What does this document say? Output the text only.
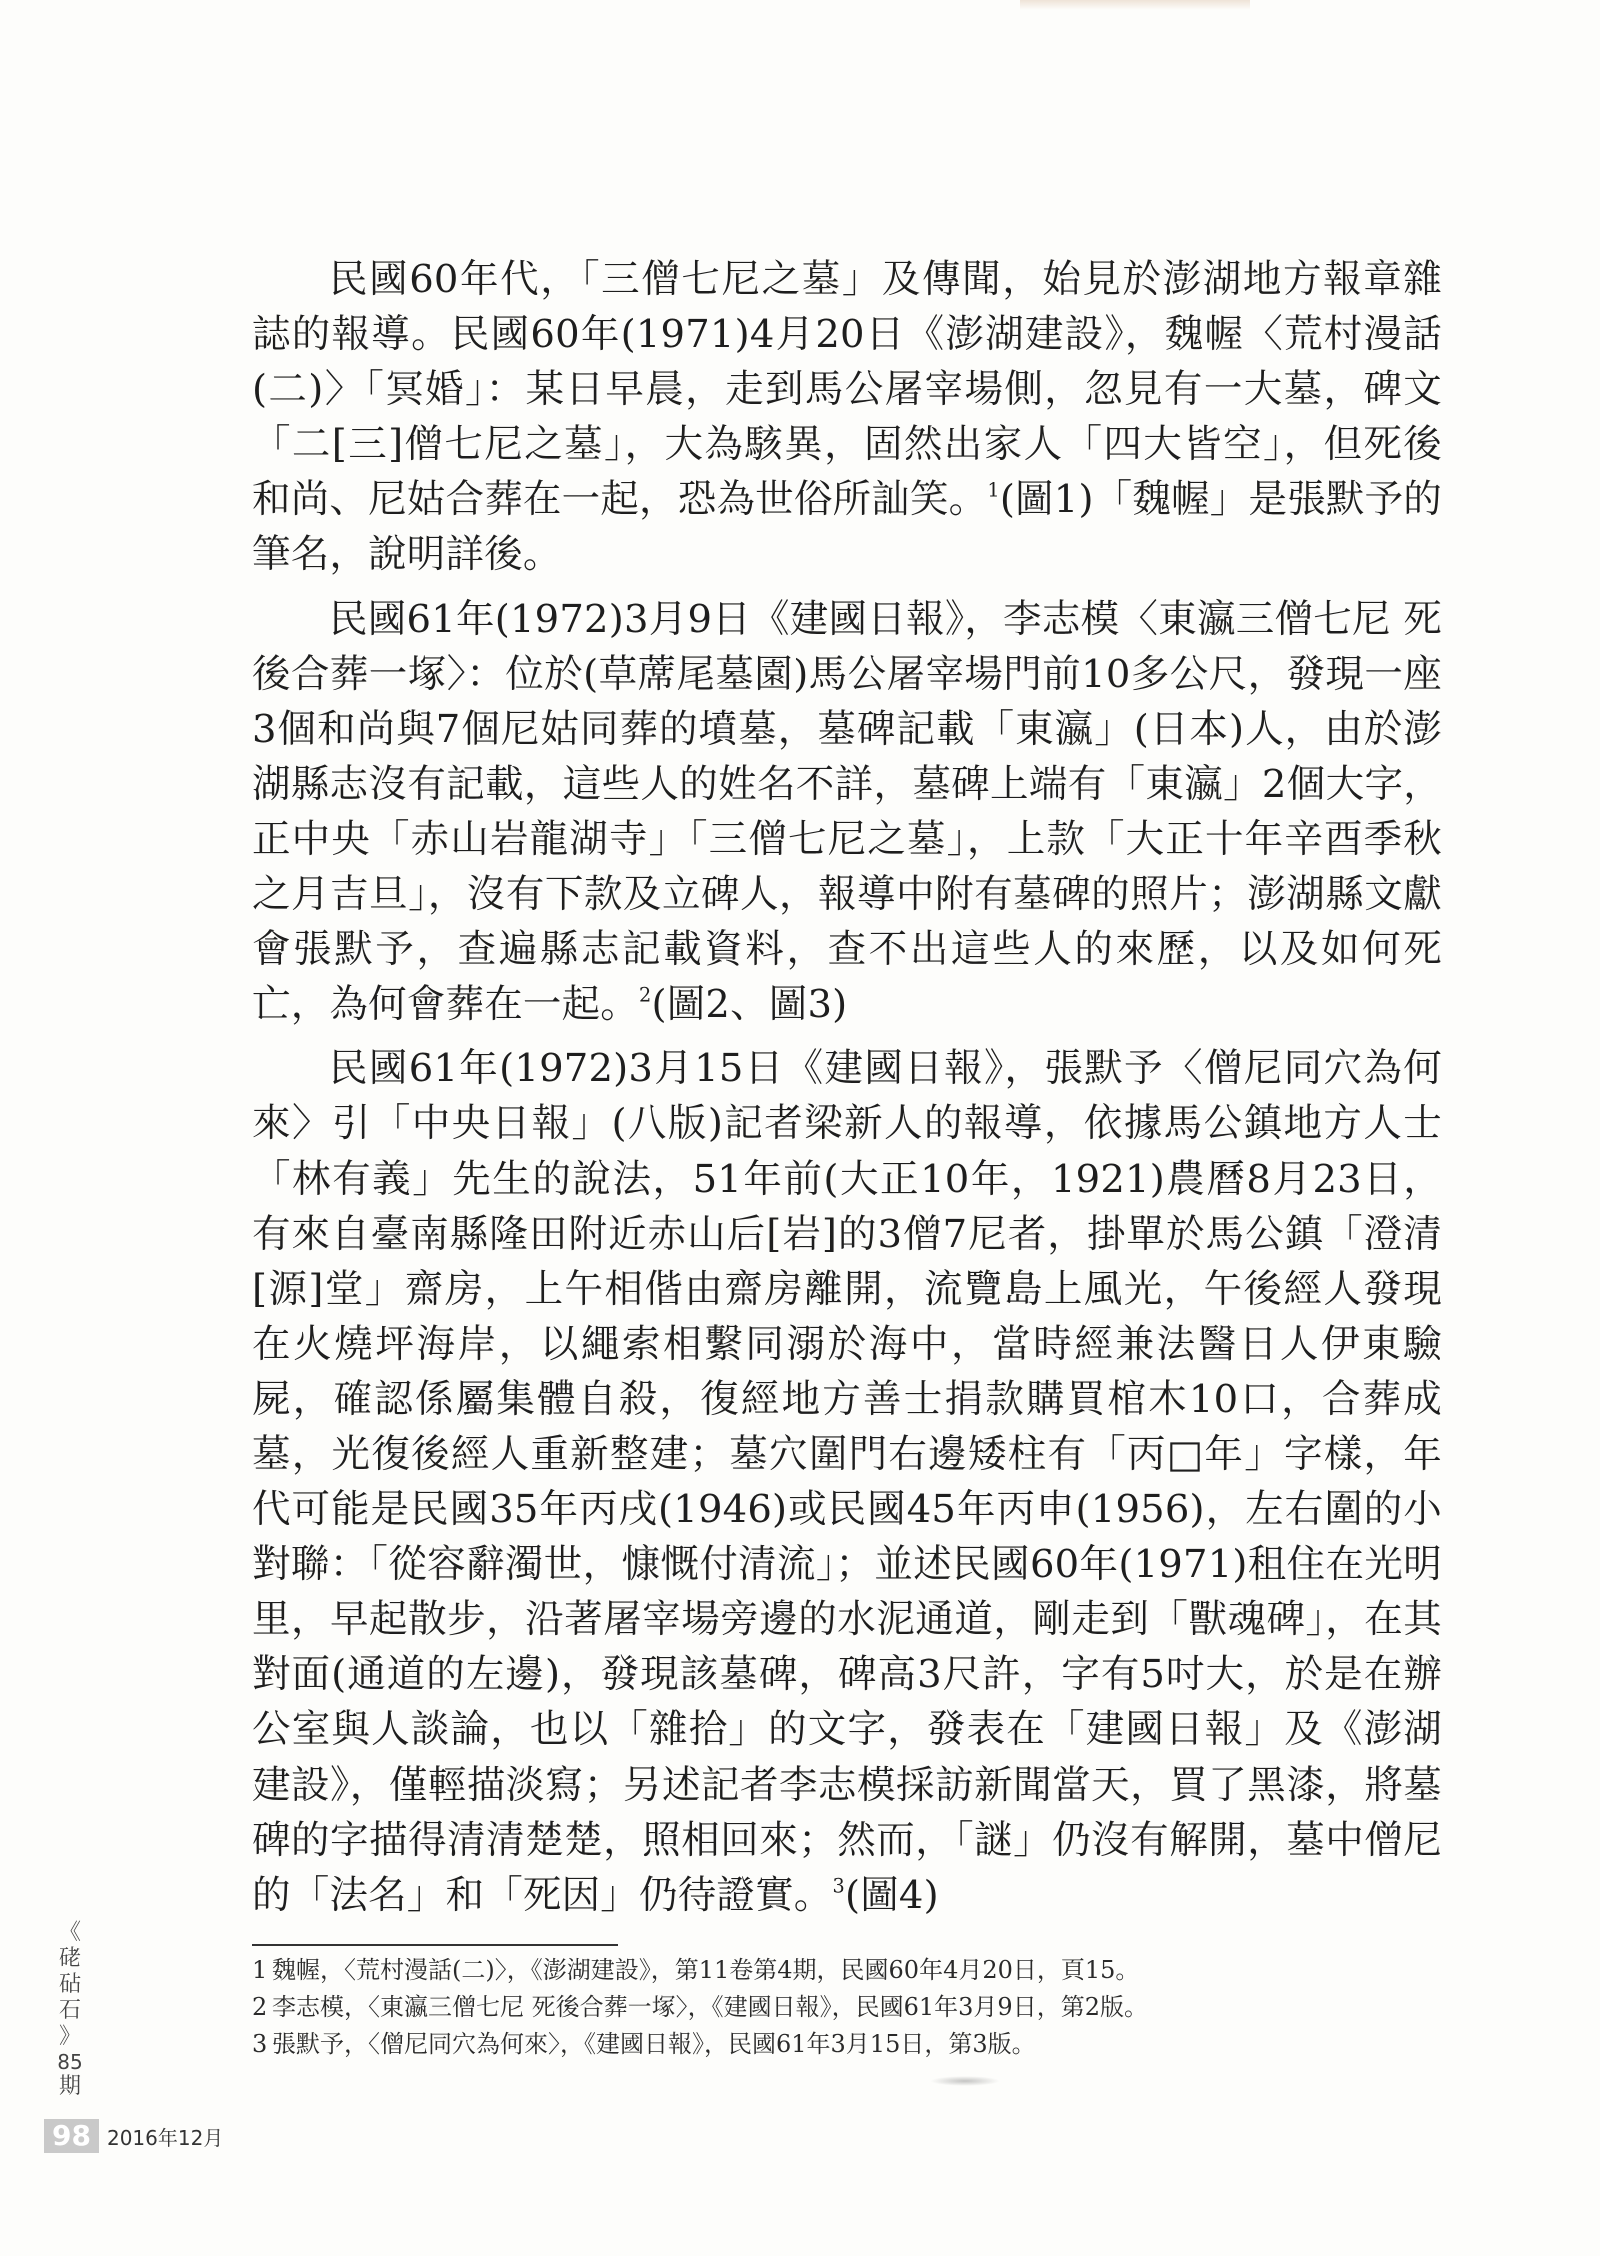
民國60年代，「三僧七尼之墓」及傳聞，始見於澎湖地方報章雜誌的報導。民國60年(1971)4月20日《澎湖建設》，魏幄〈荒村漫話(二)〉「冥婚」：某日早晨，走到馬公屠宰場側，忽見有一大墓，碑文「二[三]僧七尼之墓」，大為駭異，固然出家人「四大皆空」，但死後和尚、尼姑合葬在一起，恐為世俗所訕笑。$^1$(圖1)「魏幄」是張默予的筆名，說明詳後。

民國61年(1972)3月9日《建國日報》，李志模〈東瀛三僧七尼 死後合葬一塚〉：位於(草蓆尾墓園)馬公屠宰場門前10多公尺，發現一座3個和尚與7個尼姑同葬的墳墓，墓碑記載「東瀛」(日本)人，由於澎湖縣志沒有記載，這些人的姓名不詳，墓碑上端有「東瀛」2個大字，正中央「赤山岩龍湖寺」「三僧七尼之墓」，上款「大正十年辛酉季秋之月吉旦」，沒有下款及立碑人，報導中附有墓碑的照片；澎湖縣文獻會張默予，查遍縣志記載資料，查不出這些人的來歷，以及如何死亡，為何會葬在一起。$^2$(圖2、圖3)

民國61年(1972)3月15日《建國日報》，張默予〈僧尼同穴為何來〉引「中央日報」(八版)記者梁新人的報導，依據馬公鎮地方人士「林有義」先生的說法，51年前(大正10年，1921)農曆8月23日，有來自臺南縣隆田附近赤山后[岩]的3僧7尼者，掛單於馬公鎮「澄清[源]堂」齋房，上午相偕由齋房離開，流覽島上風光，午後經人發現在火燒坪海岸，以繩索相繫同溺於海中，當時經兼法醫日人伊東驗屍，確認係屬集體自殺，復經地方善士捐款購買棺木10口，合葬成墓，光復後經人重新整建；墓穴圍門右邊矮柱有「丙□年」字樣，年代可能是民國35年丙戌(1946)或民國45年丙申(1956)，左右圍的小對聯：「從容辭濁世，慷慨付清流」；並述民國60年(1971)租住在光明里，早起散步，沿著屠宰場旁邊的水泥通道，剛走到「獸魂碑」，在其對面(通道的左邊)，發現該墓碑，碑高3尺許，字有5吋大，於是在辦公室與人談論，也以「雜拾」的文字，發表在「建國日報」及《澎湖建設》，僅輕描淡寫；另述記者李志模採訪新聞當天，買了黑漆，將墓碑的字描得清清楚楚，照相回來；然而，「謎」仍沒有解開，墓中僧尼的「法名」和「死因」仍待證實。$^3$(圖4)

1 魏幄，〈荒村漫話(二)〉，《澎湖建設》，第11卷第4期，民國60年4月20日，頁15。

2 李志模，〈東瀛三僧七尼 死後合葬一塚〉，《建國日報》，民國61年3月9日，第2版。

3 張默予，〈僧尼同穴為何來〉，《建國日報》，民國61年3月15日，第3版。

《
硓
砧
石
》
85
期
98 2016年12月
